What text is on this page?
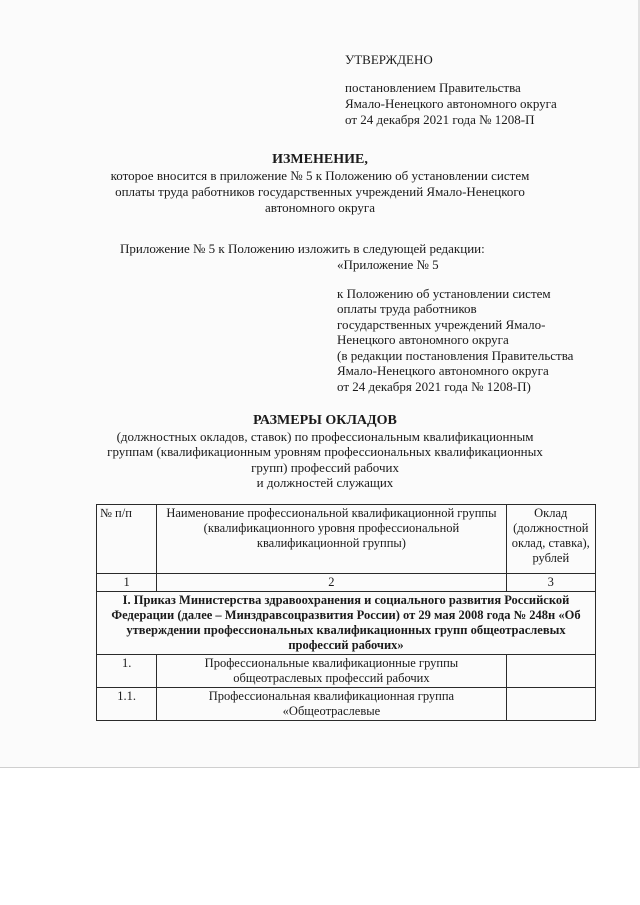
УТВЕРЖДЕНО
постановлением Правительства
Ямало-Ненецкого автономного округа
от 24 декабря 2021 года № 1208-П
ИЗМЕНЕНИЕ,
которое вносится в приложение № 5 к Положению об установлении систем
оплаты труда работников государственных учреждений Ямало-Ненецкого
автономного округа
Приложение № 5 к Положению изложить в следующей редакции:
«Приложение № 5
к Положению об установлении систем
оплаты труда работников
государственных учреждений Ямало-
Ненецкого автономного округа
(в редакции постановления Правительства
Ямало-Ненецкого автономного округа
от 24 декабря 2021 года № 1208-П)
РАЗМЕРЫ ОКЛАДОВ
(должностных окладов, ставок) по профессиональным квалификационным
группам (квалификационным уровням профессиональных квалификационных
групп) профессий рабочих
и должностей служащих
№ п/п	Наименование профессиональной квалификационной группы (квалификационного уровня профессиональной квалификационной группы)	Оклад (должностной оклад, ставка), рублей
1	2	3
I. Приказ Министерства здравоохранения и социального развития Российской Федерации (далее – Минздравсоцразвития России) от 29 мая 2008 года № 248н «Об утверждении профессиональных квалификационных групп общеотраслевых профессий рабочих»		
1.	Профессиональные квалификационные группы общеотраслевых профессий рабочих	
1.1.	Профессиональная квалификационная группа «Общеотраслевые	
